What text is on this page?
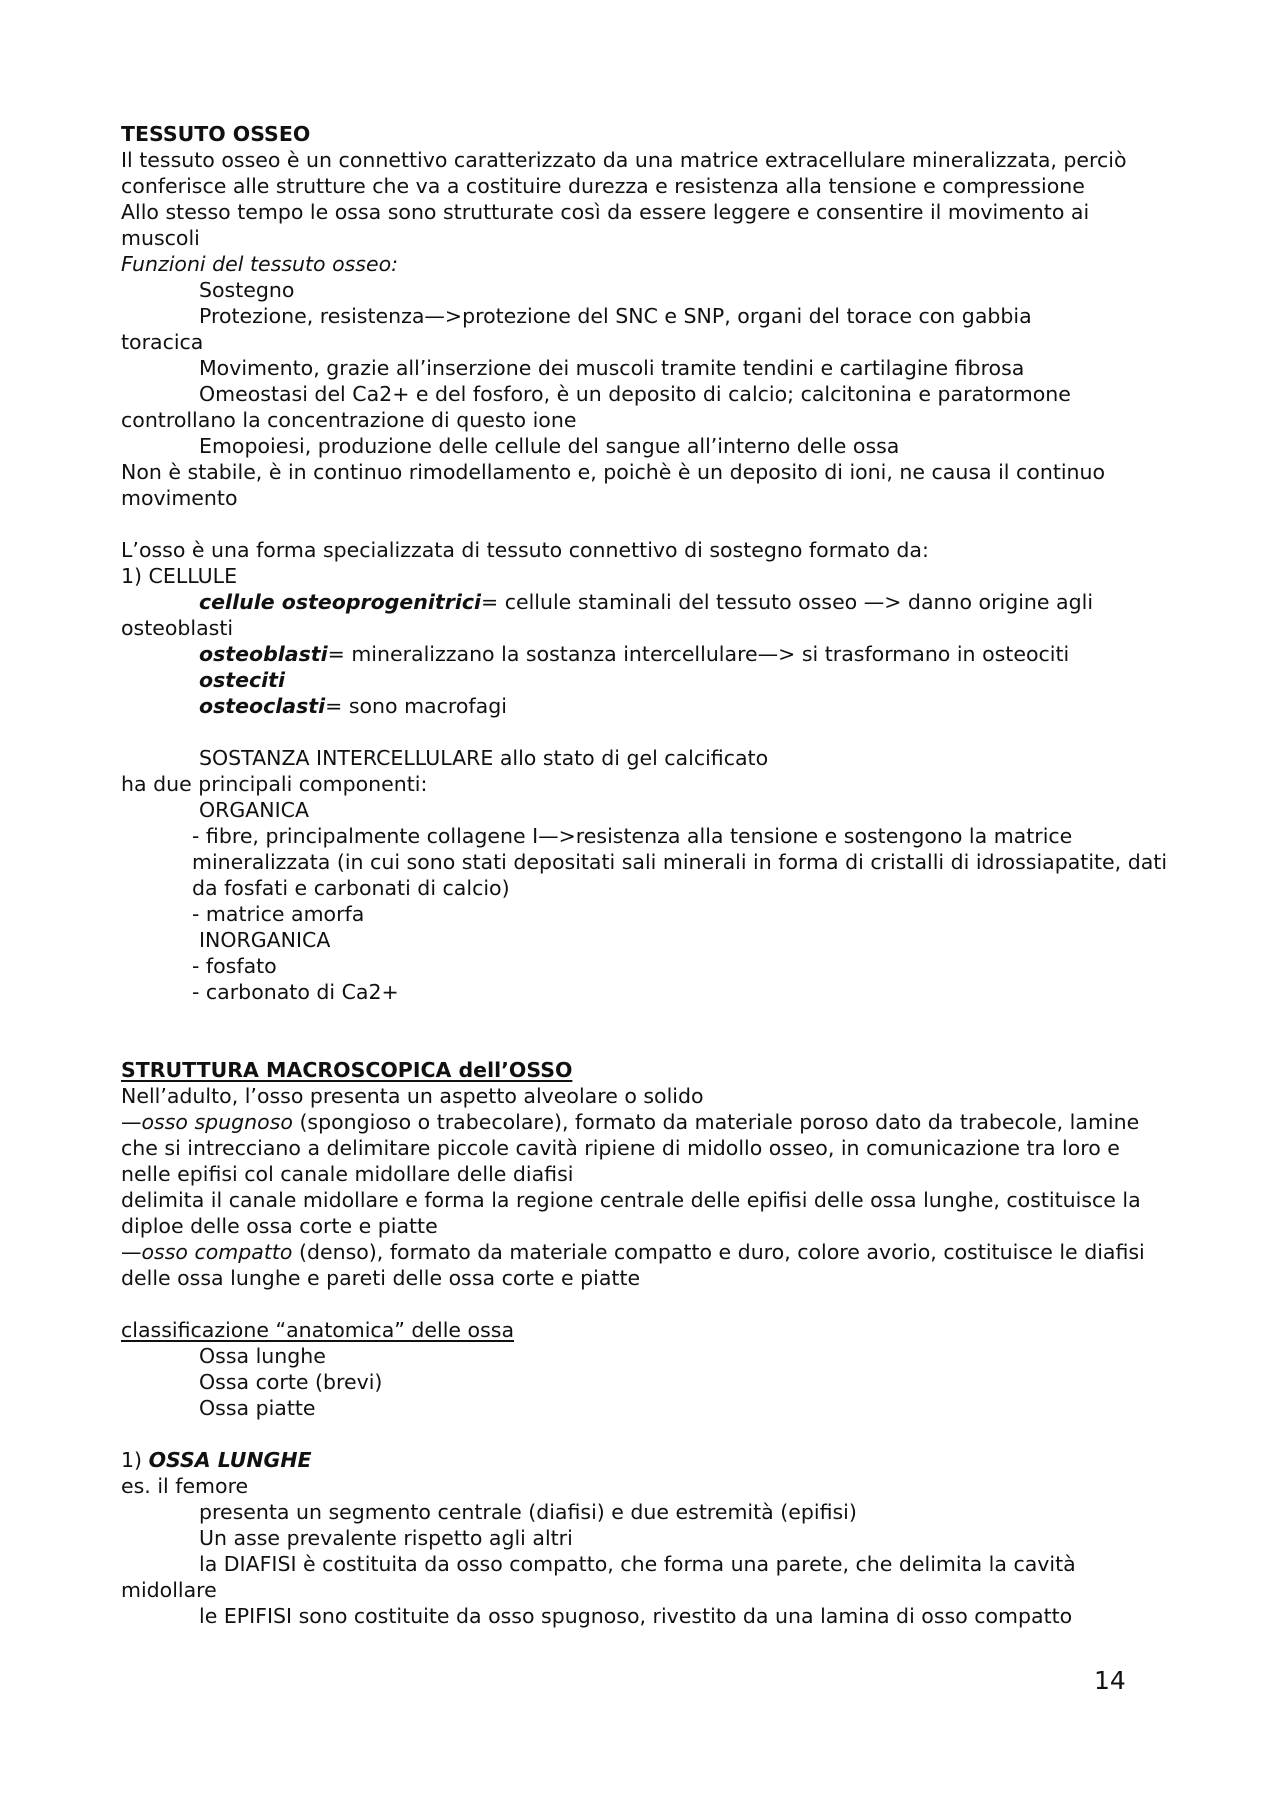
TESSUTO OSSEO

Il tessuto osseo è un connettivo caratterizzato da una matrice extracellulare mineralizzata, perciò conferisce alle strutture che va a costituire durezza e resistenza alla tensione e compressione

Allo stesso tempo le ossa sono strutturate così da essere leggere e consentire il movimento ai muscoli

Funzioni del tessuto osseo:

Sostegno

Protezione, resistenza—>protezione del SNC e SNP, organi del torace con gabbia

toracica

Movimento, grazie all’inserzione dei muscoli tramite tendini e cartilagine fibrosa

Omeostasi del Ca2+ e del fosforo, è un deposito di calcio; calcitonina e paratormone

controllano la concentrazione di questo ione

Emopoiesi, produzione delle cellule del sangue all’interno delle ossa

Non è stabile, è in continuo rimodellamento e, poichè è un deposito di ioni, ne causa il continuo movimento

L’osso è una forma specializzata di tessuto connettivo di sostegno formato da:

1) CELLULE

cellule osteoprogenitrici= cellule staminali del tessuto osseo —> danno origine agli

osteoblasti

osteoblasti= mineralizzano la sostanza intercellulare—> si trasformano in osteociti

osteciti

osteoclasti= sono macrofagi

SOSTANZA INTERCELLULARE allo stato di gel calcificato

ha due principali componenti:

ORGANICA

- fibre, principalmente collagene I—>resistenza alla tensione e sostengono la matrice mineralizzata (in cui sono stati depositati sali minerali in forma di cristalli di idrossiapatite, dati da fosfati e carbonati di calcio)

- matrice amorfa

INORGANICA

- fosfato

- carbonato di Ca2+

STRUTTURA MACROSCOPICA dell’OSSO

Nell’adulto, l’osso presenta un aspetto alveolare o solido

—osso spugnoso (spongioso o trabecolare), formato da materiale poroso dato da trabecole, lamine che si intrecciano a delimitare piccole cavità ripiene di midollo osseo, in comunicazione tra loro e nelle epifisi col canale midollare delle diafisi

delimita il canale midollare e forma la regione centrale delle epifisi delle ossa lunghe, costituisce la diploe delle ossa corte e piatte

—osso compatto (denso), formato da materiale compatto e duro, colore avorio, costituisce le diafisi delle ossa lunghe e pareti delle ossa corte e piatte

classificazione “anatomica” delle ossa

Ossa lunghe

Ossa corte (brevi)

Ossa piatte

1) OSSA LUNGHE

es. il femore

presenta un segmento centrale (diafisi) e due estremità (epifisi)

Un asse prevalente rispetto agli altri

la DIAFISI è costituita da osso compatto, che forma una parete, che delimita la cavità

midollare

le EPIFISI sono costituite da osso spugnoso, rivestito da una lamina di osso compatto

14
